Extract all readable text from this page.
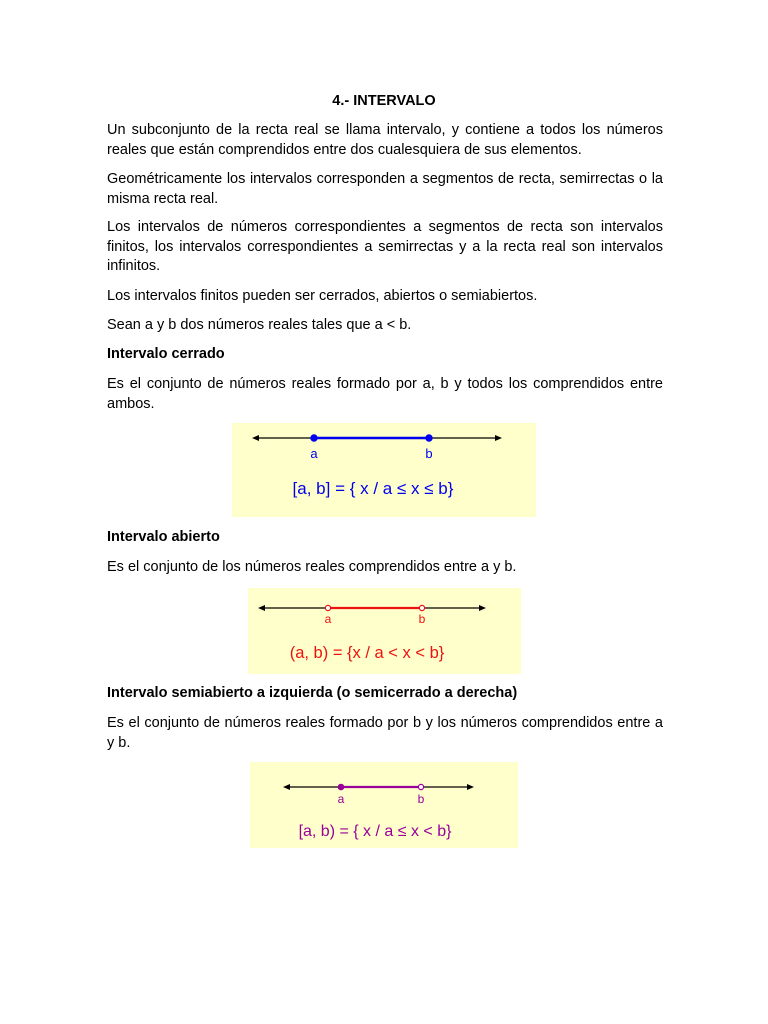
4.- INTERVALO

Un subconjunto de la recta real se llama intervalo, y contiene a todos los números reales que están comprendidos entre dos cualesquiera de sus elementos.

Geométricamente los intervalos corresponden a segmentos de recta, semirrectas o la misma recta real.

Los intervalos de números correspondientes a segmentos de recta son intervalos finitos, los intervalos correspondientes a semirrectas y a la recta real son intervalos infinitos.

Los intervalos finitos pueden ser cerrados, abiertos o semiabiertos.

Sean a y b dos números reales tales que a < b.

Intervalo cerrado

Es el conjunto de números reales formado por a, b y todos los comprendidos entre ambos.

a	b
[a, b] = { x / a ≤ x ≤ b}

Intervalo abierto

Es el conjunto de los números reales comprendidos entre a y b.

a	b
(a, b) = {x / a < x < b}

Intervalo semiabierto a izquierda (o semicerrado a derecha)

Es el conjunto de números reales formado por b y los números comprendidos entre a y b.

a	b
[a, b) = { x / a ≤ x < b}
